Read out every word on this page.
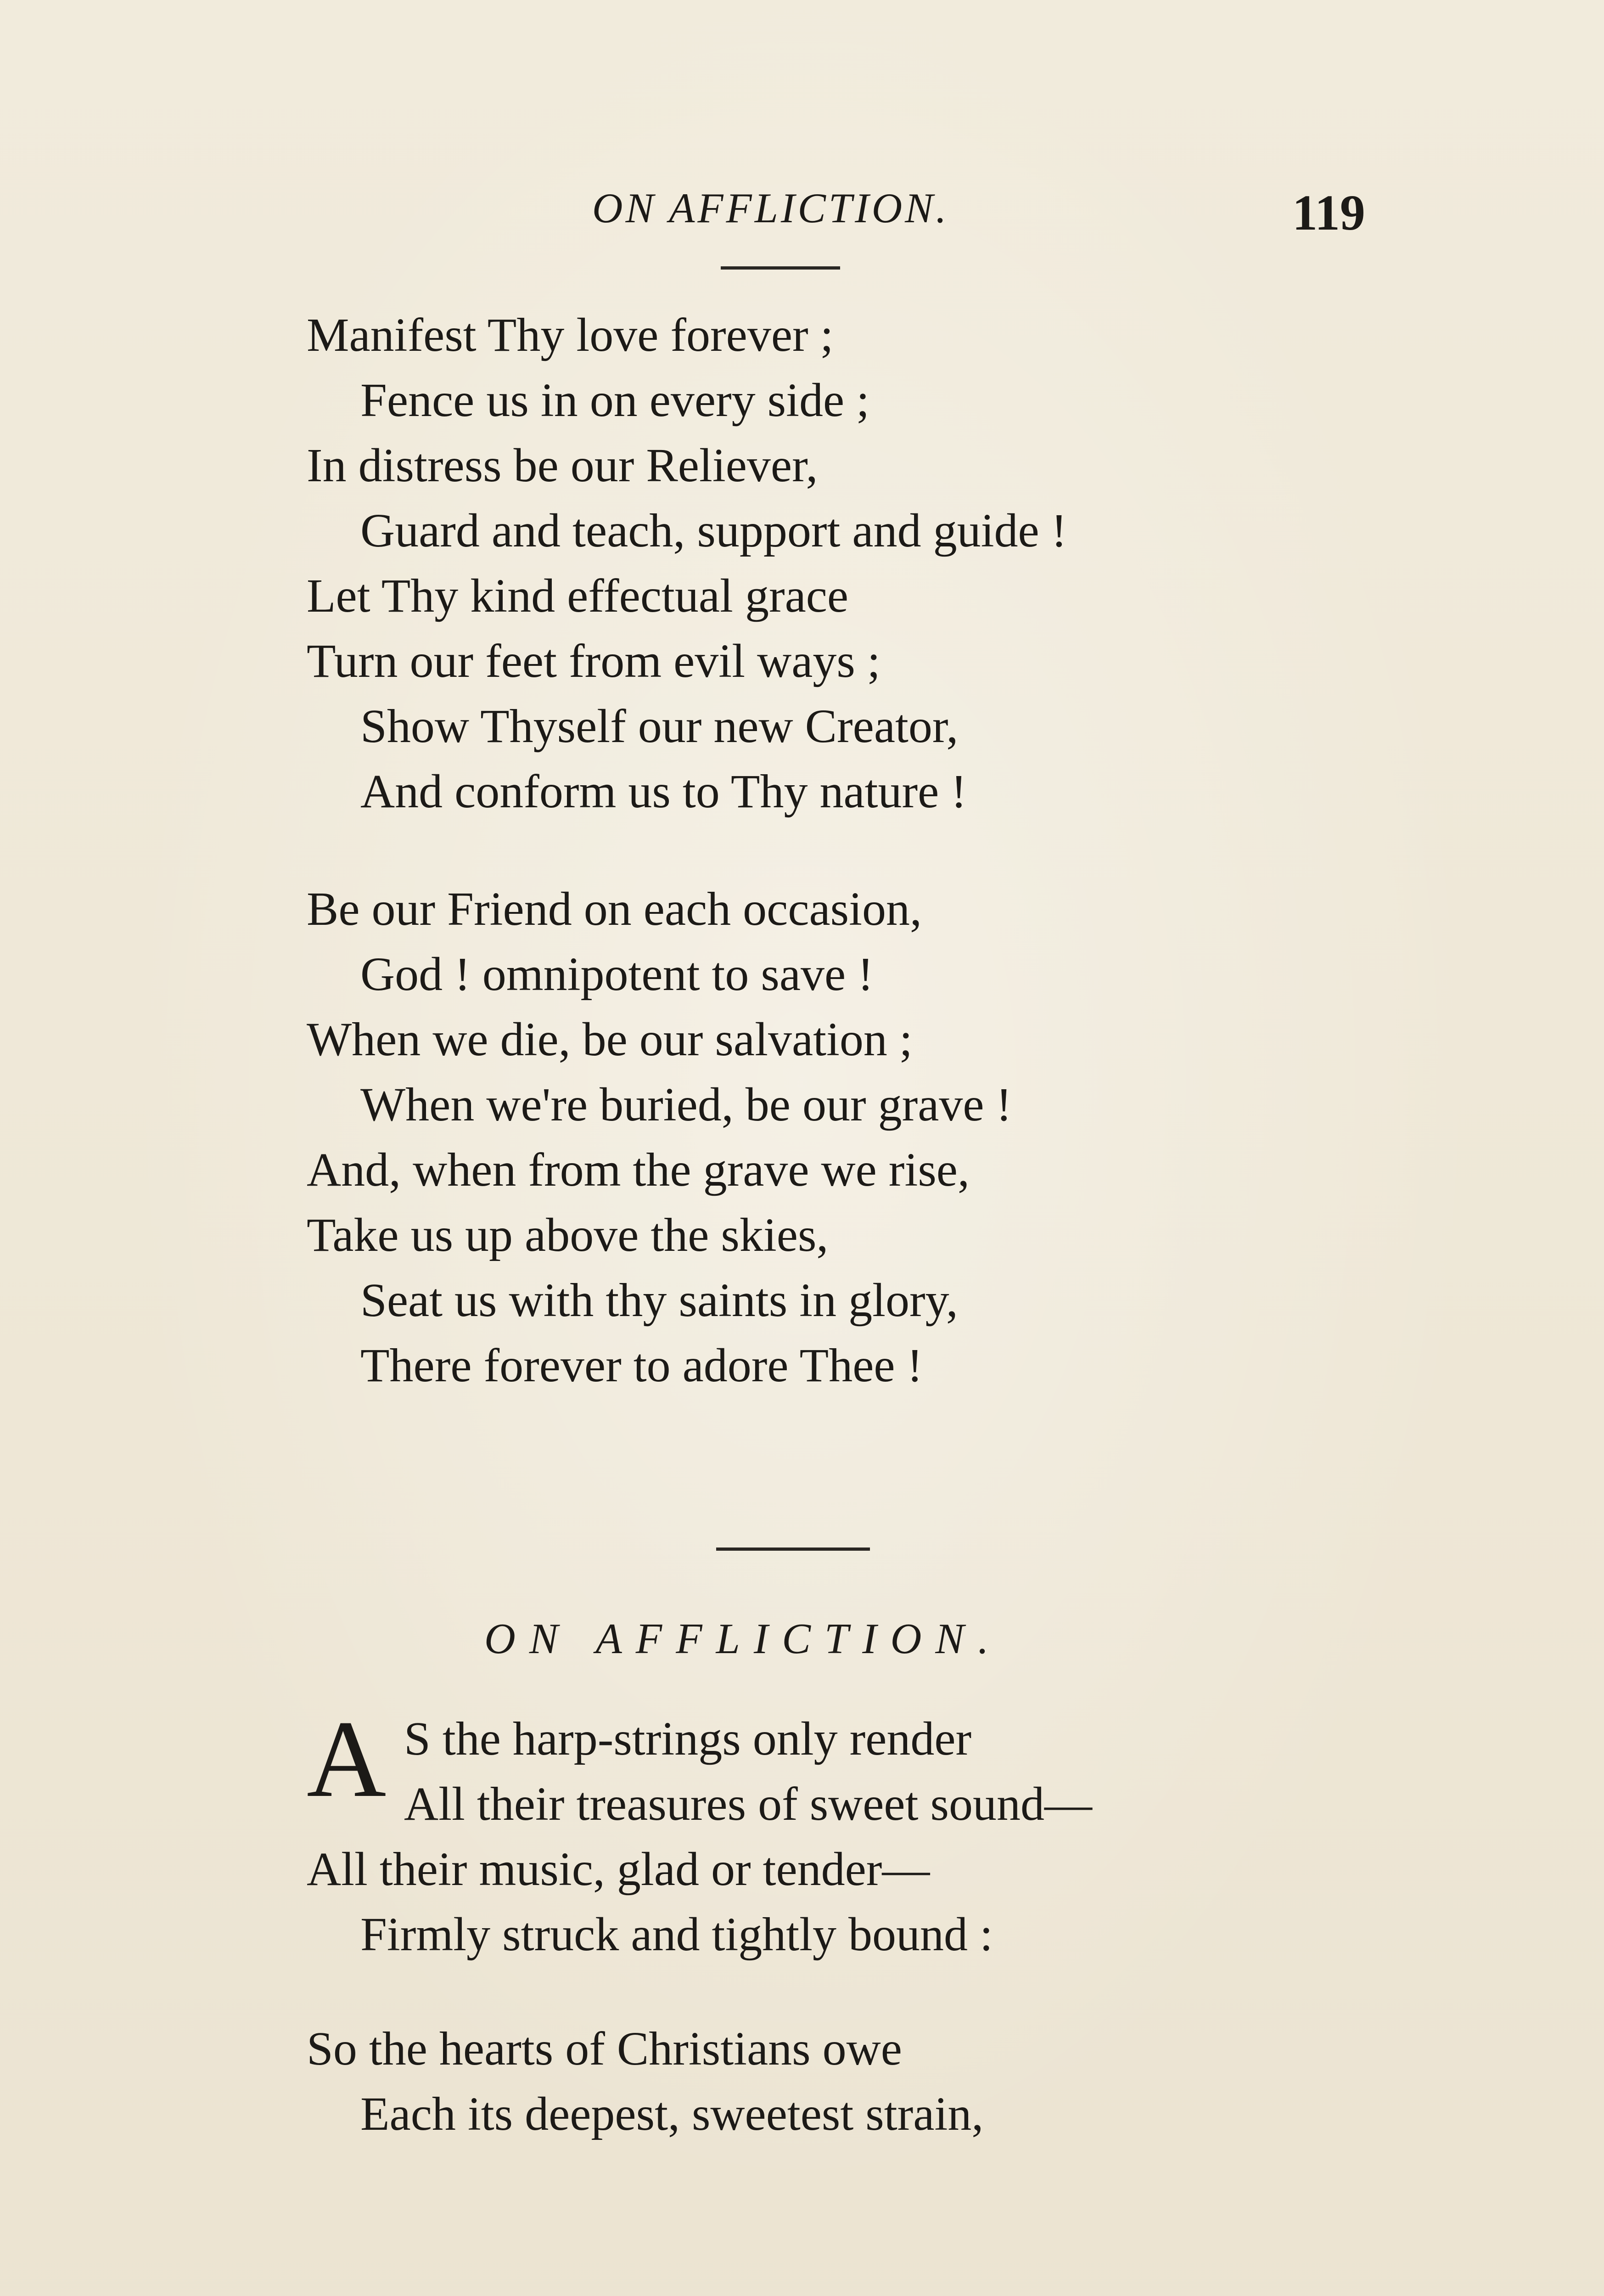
ON AFFLICTION.	119
Manifest Thy love forever ;
Fence us in on every side ;
In distress be our Reliever,
Guard and teach, support and guide !
Let Thy kind effectual grace
Turn our feet from evil ways ;
Show Thyself our new Creator,
And conform us to Thy nature !
Be our Friend on each occasion,
God ! omnipotent to save !
When we die, be our salvation ;
When we're buried, be our grave !
And, when from the grave we rise,
Take us up above the skies,
Seat us with thy saints in glory,
There forever to adore Thee !
ON AFFLICTION.
A S the harp-strings only render
All their treasures of sweet sound—
All their music, glad or tender—
Firmly struck and tightly bound :
So the hearts of Christians owe
Each its deepest, sweetest strain,
